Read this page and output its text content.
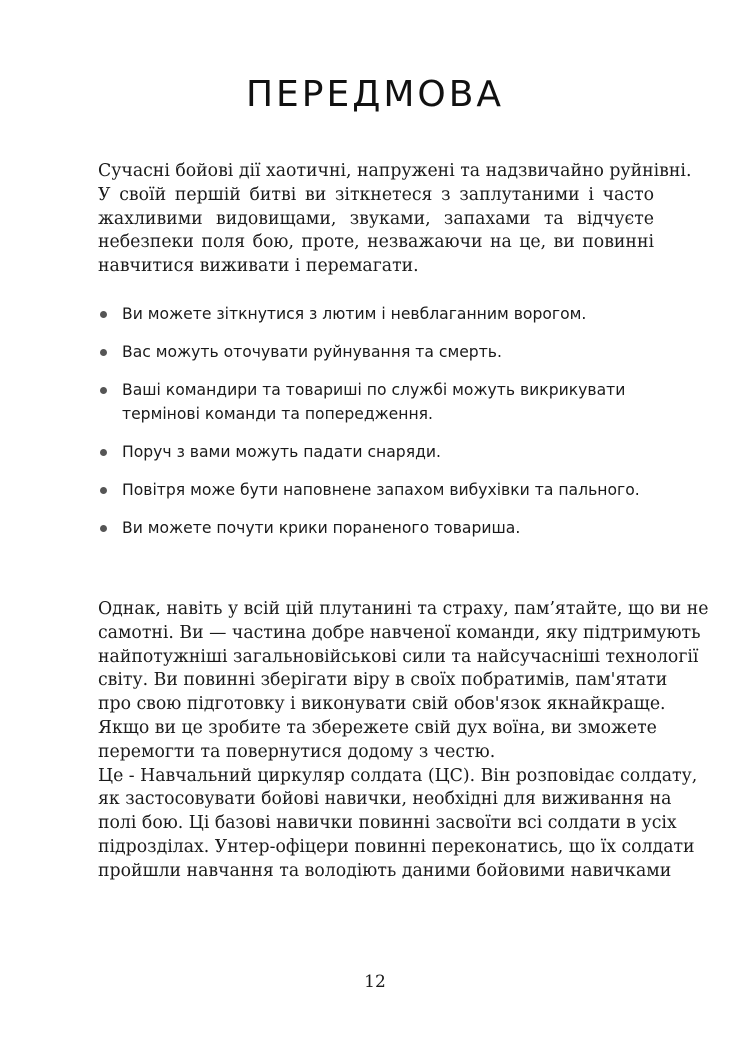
ПЕРЕДМОВА

Сучасні бойові дії хаотичні, напружені та надзвичайно руйнівні.
У своїй першій битві ви зіткнетеся з заплутаними і часто
жахливими видовищами, звуками, запахами та відчуєте
небезпеки поля бою, проте, незважаючи на це, ви повинні
навчитися виживати і перемагати.

Ви можете зіткнутися з лютим і невблаганним ворогом.
Вас можуть оточувати руйнування та смерть.
Ваші командири та товариші по службі можуть викрикувати
термінові команди та попередження.
Поруч з вами можуть падати снаряди.
Повітря може бути наповнене запахом вибухівки та пального.
Ви можете почути крики пораненого товариша.

Однак, навіть у всій цій плутанині та страху, пам’ятайте, що ви не
самотні. Ви — частина добре навченої команди, яку підтримують
найпотужніші загальновійськові сили та найсучасніші технології
світу. Ви повинні зберігати віру в своїх побратимів, пам'ятати
про свою підготовку і виконувати свій обов'язок якнайкраще.
Якщо ви це зробите та збережете свій дух воїна, ви зможете
перемогти та повернутися додому з честю.
Це - Навчальний циркуляр солдата (ЦС). Він розповідає солдату,
як застосовувати бойові навички, необхідні для виживання на
полі бою. Ці базові навички повинні засвоїти всі солдати в усіх
підрозділах. Унтер-офіцери повинні переконатись, що їх солдати
пройшли навчання та володіють даними бойовими навичками

12
